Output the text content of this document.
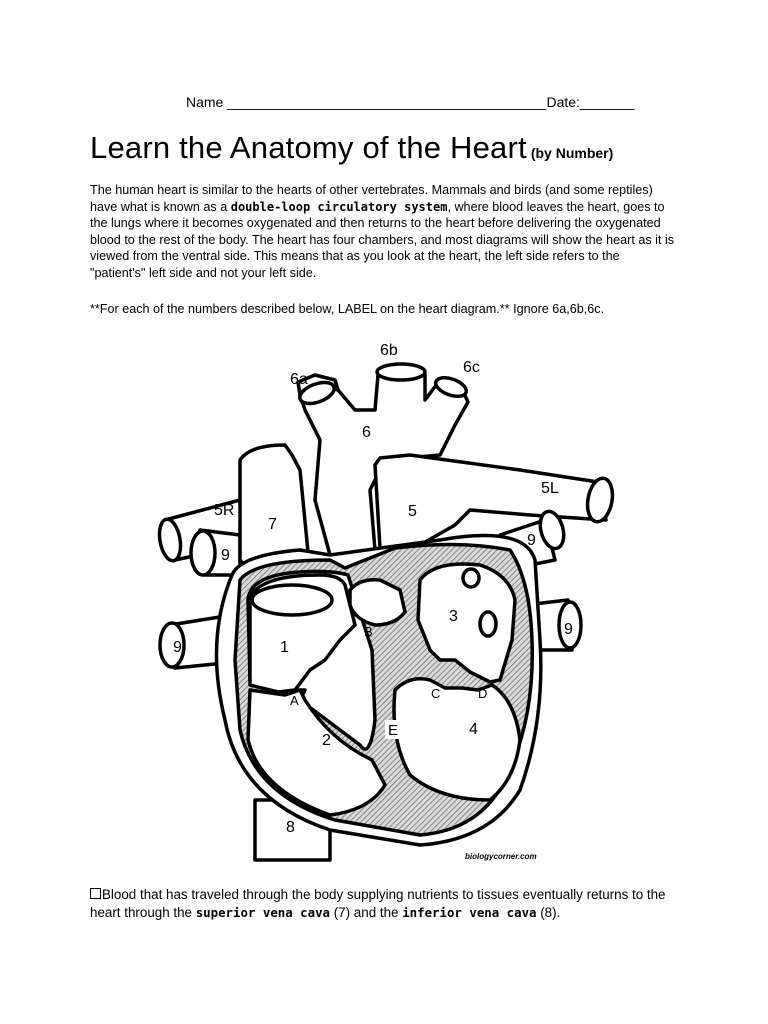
Name _________________________________________Date:_______
Learn the Anatomy of the Heart (by Number)
The human heart is similar to the hearts of other vertebrates. Mammals and birds (and some reptiles) have what is known as a double-loop circulatory system, where blood leaves the heart, goes to the lungs where it becomes oxygenated and then returns to the heart before delivering the oxygenated blood to the rest of the body. The heart has four chambers, and most diagrams will show the heart as it is viewed from the ventral side. This means that as you look at the heart, the left side refers to the "patient's" left side and not your left side.
**For each of the numbers described below, LABEL on the heart diagram.** Ignore 6a,6b,6c.
6a
6b
6c
6
5L
5R	5
7
9
9
9
9
1
2
3
4
8
A
B
C	D
E
biologycorner.com
Blood that has traveled through the body supplying nutrients to tissues eventually returns to the heart through the superior vena cava (7) and the inferior vena cava (8).
